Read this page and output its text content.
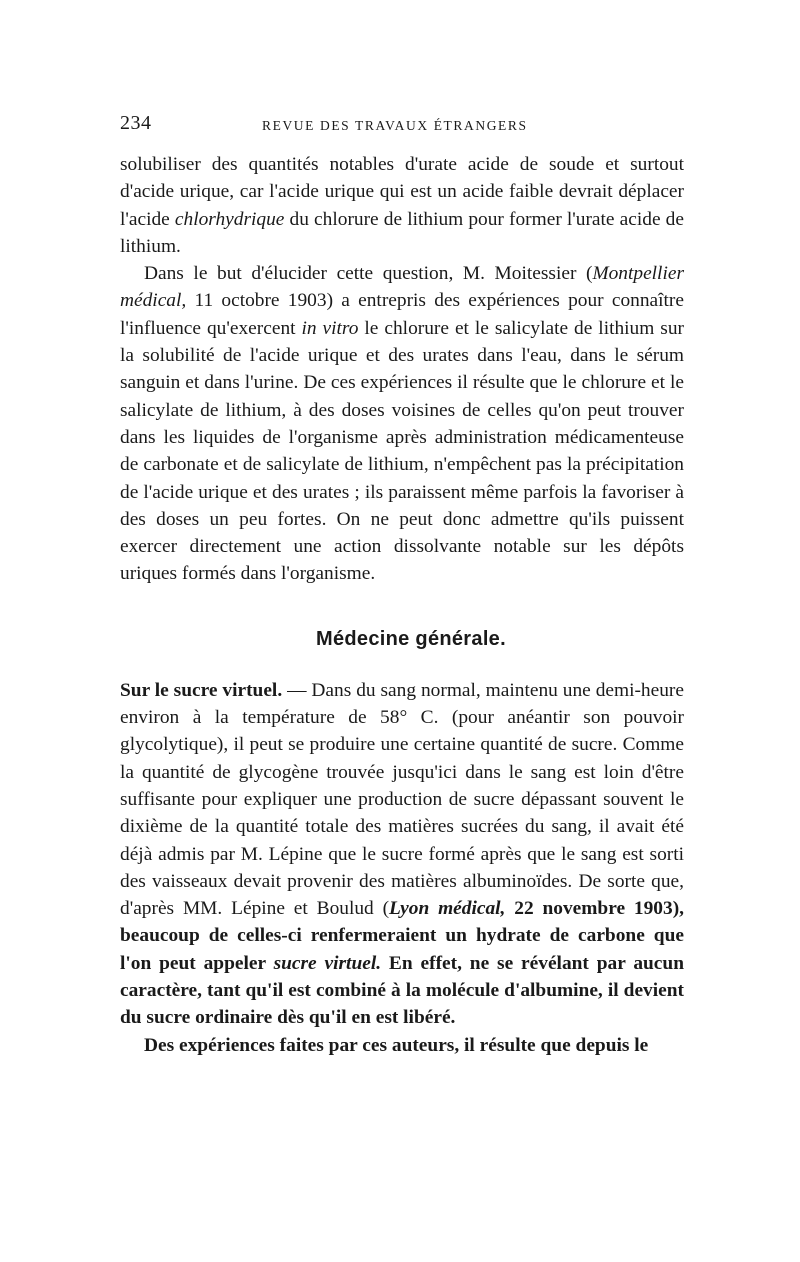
234	REVUE DES TRAVAUX ÉTRANGERS

solubiliser des quantités notables d'urate acide de soude et surtout d'acide urique, car l'acide urique qui est un acide faible devrait déplacer l'acide chlorhydrique du chlorure de lithium pour former l'urate acide de lithium.

Dans le but d'élucider cette question, M. Moitessier (Montpellier médical, 11 octobre 1903) a entrepris des expériences pour connaître l'influence qu'exercent in vitro le chlorure et le salicylate de lithium sur la solubilité de l'acide urique et des urates dans l'eau, dans le sérum sanguin et dans l'urine. De ces expériences il résulte que le chlorure et le salicylate de lithium, à des doses voisines de celles qu'on peut trouver dans les liquides de l'organisme après administration médicamenteuse de carbonate et de salicylate de lithium, n'empêchent pas la précipitation de l'acide urique et des urates ; ils paraissent même parfois la favoriser à des doses un peu fortes. On ne peut donc admettre qu'ils puissent exercer directement une action dissolvante notable sur les dépôts uriques formés dans l'organisme.

Médecine générale.

Sur le sucre virtuel. — Dans du sang normal, maintenu une demi-heure environ à la température de 58° C. (pour anéantir son pouvoir glycolytique), il peut se produire une certaine quantité de sucre. Comme la quantité de glycogène trouvée jusqu'ici dans le sang est loin d'être suffisante pour expliquer une production de sucre dépassant souvent le dixième de la quantité totale des matières sucrées du sang, il avait été déjà admis par M. Lépine que le sucre formé après que le sang est sorti des vaisseaux devait provenir des matières albuminoïdes. De sorte que, d'après MM. Lépine et Boulud (Lyon médical, 22 novembre 1903), beaucoup de celles-ci renfermeraient un hydrate de carbone que l'on peut appeler sucre virtuel. En effet, ne se révélant par aucun caractère, tant qu'il est combiné à la molécule d'albumine, il devient du sucre ordinaire dès qu'il en est libéré.

Des expériences faites par ces auteurs, il résulte que depuis le
